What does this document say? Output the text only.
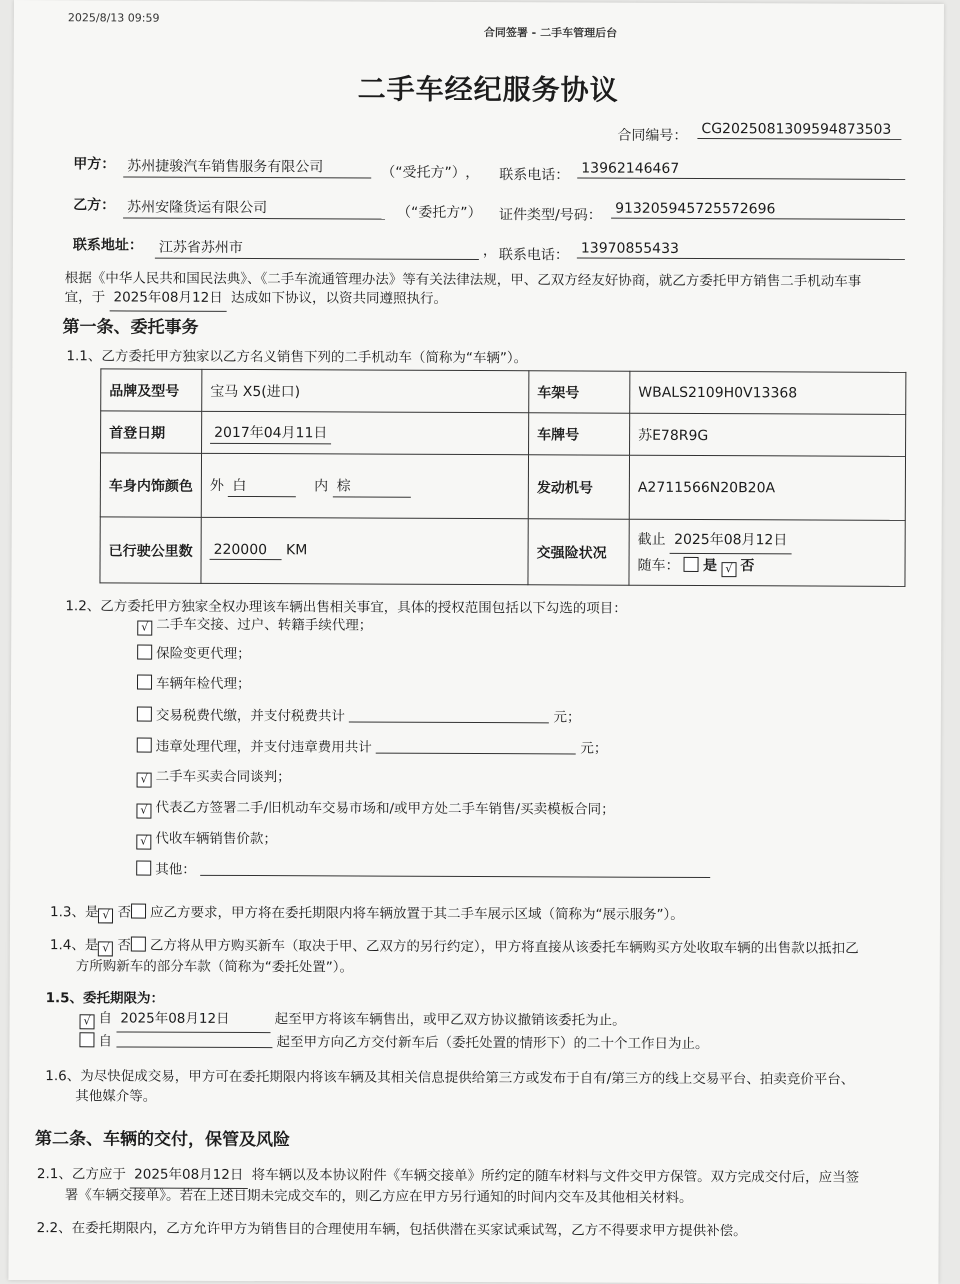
2025/8/13 09:59
合同签署 - 二手车管理后台
二手车经纪服务协议
合同编号： CG2025081309594873503
甲方： 苏州捷骏汽车销售服务有限公司	（“受托方”） ， 联系电话： 13962146467
乙方： 苏州安隆货运有限公司	（“委托方”） 证件类型/号码： 913205945725572696
联系地址： 江苏省苏州市	， 联系电话： 13970855433
根据《中华人民共和国民法典》、《二手车流通管理办法》等有关法律法规，甲、乙双方经友好协商，就乙方委托甲方销售二手机动车事
宜，于 2025年08月12日 达成如下协议，以资共同遵照执行。
第一条、委托事务
1.1、乙方委托甲方独家以乙方名义销售下列的二手机动车（简称为“车辆”）。
品牌及型号	宝马 X5(进口)	车架号	WBALS2109H0V13368
首登日期	2017年04月11日	车牌号	苏E78R9G
车身内饰颜色	外 白 内 棕	发动机号	A2711566N20B20A
已行驶公里数	220000 KM	交强险状况	截止 2025年08月12日
随车： 是 √ 否
1.2、乙方委托甲方独家全权办理该车辆出售相关事宜，具体的授权范围包括以下勾选的项目：
√ 二手车交接、过户、转籍手续代理；
保险变更代理；
车辆年检代理；
交易税费代缴，并支付税费共计	元；
违章处理代理，并支付违章费用共计	元；
√ 二手车买卖合同谈判；
√ 代表乙方签署二手/旧机动车交易市场和/或甲方处二手车销售/买卖模板合同；
√ 代收车辆销售价款；
其他：
1.3、是 √ 否 应乙方要求，甲方将在委托期限内将车辆放置于其二手车展示区域（简称为“展示服务”）。
1.4、是 √ 否 乙方将从甲方购买新车（取决于甲、乙双方的另行约定），甲方将直接从该委托车辆购买方处收取车辆的出售款以抵扣乙
方所购新车的部分车款（简称为“委托处置”）。
1.5、委托期限为：
√ 自 2025年08月12日	起至甲方将该车辆售出，或甲乙双方协议撤销该委托为止。
自	起至甲方向乙方交付新车后（委托处置的情形下）的二十个工作日为止。
1.6、为尽快促成交易，甲方可在委托期限内将该车辆及其相关信息提供给第三方或发布于自有/第三方的线上交易平台、拍卖竞价平台、
其他媒介等。
第二条、车辆的交付，保管及风险
2.1、乙方应于 2025年08月12日 将车辆以及本协议附件《车辆交接单》所约定的随车材料与文件交甲方保管。双方完成交付后，应当签
署《车辆交接单》。若在上述日期未完成交车的，则乙方应在甲方另行通知的时间内交车及其他相关材料。
2.2、在委托期限内，乙方允许甲方为销售目的合理使用车辆，包括供潜在买家试乘试驾，乙方不得要求甲方提供补偿。
